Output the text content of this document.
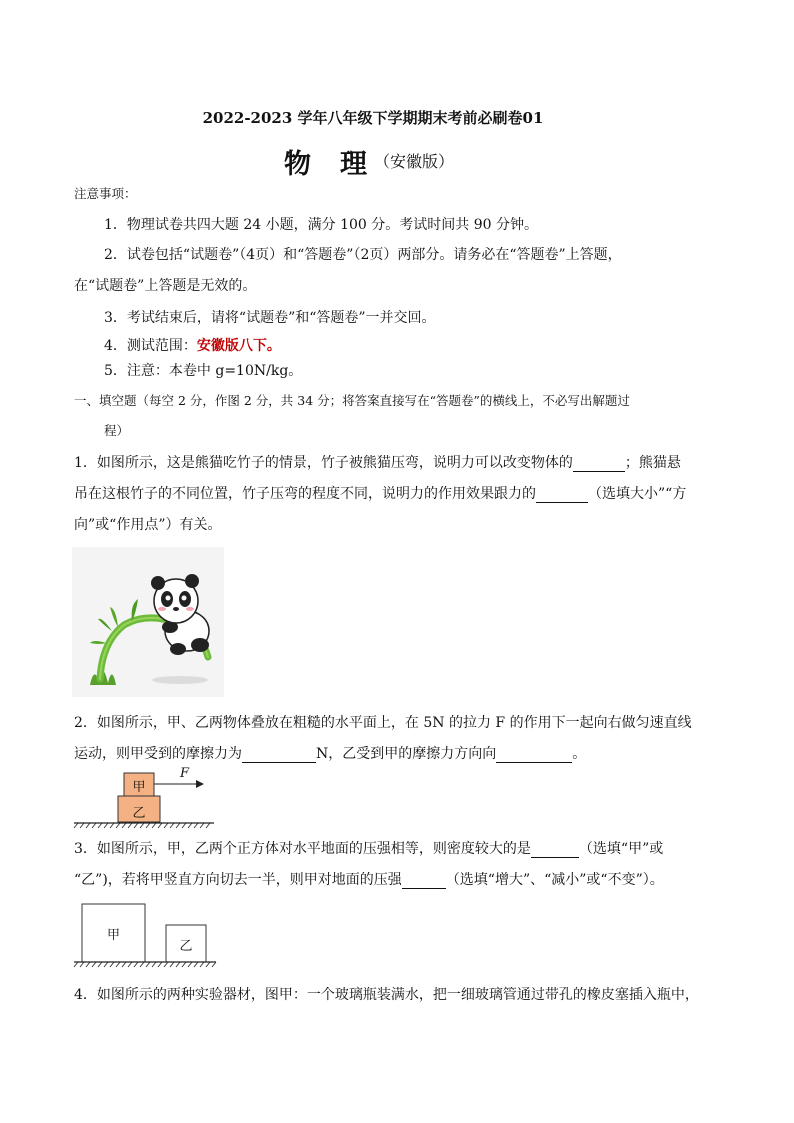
2022-2023 学年八年级下学期期末考前必刷卷01
物　理 （安徽版）
注意事项：
1．物理试卷共四大题 24 小题，满分 100 分。考试时间共 90 分钟。
2．试卷包括“试题卷”（4页）和“答题卷”（2页）两部分。请务必在“答题卷”上答题，
在“试题卷”上答题是无效的。
3．考试结束后，请将“试题卷”和“答题卷”一并交回。
4．测试范围：安徽版八下。
5．注意：本卷中 g=10N/kg。
一、填空题（每空 2 分，作图 2 分，共 34 分；将答案直接写在“答题卷”的横线上，不必写出解题过
程）
1．如图所示，这是熊猫吃竹子的情景，竹子被熊猫压弯，说明力可以改变物体的	；熊猫悬
吊在这根竹子的不同位置，竹子压弯的程度不同，说明力的作用效果跟力的	（选填大小”“方
向”或“作用点”）有关。
2．如图所示，甲、乙两物体叠放在粗糙的水平面上，在 5N 的拉力 F 的作用下一起向右做匀速直线
运动，则甲受到的摩擦力为	N，乙受到甲的摩擦力方向向	。
甲
乙
F
3．如图所示，甲，乙两个正方体对水平地面的压强相等，则密度较大的是	（选填“甲”或
“乙”)，若将甲竖直方向切去一半，则甲对地面的压强	（选填“增大”、“减小”或“不变”）。
甲
乙
4．如图所示的两种实验器材，图甲：一个玻璃瓶装满水，把一细玻璃管通过带孔的橡皮塞插入瓶中，
